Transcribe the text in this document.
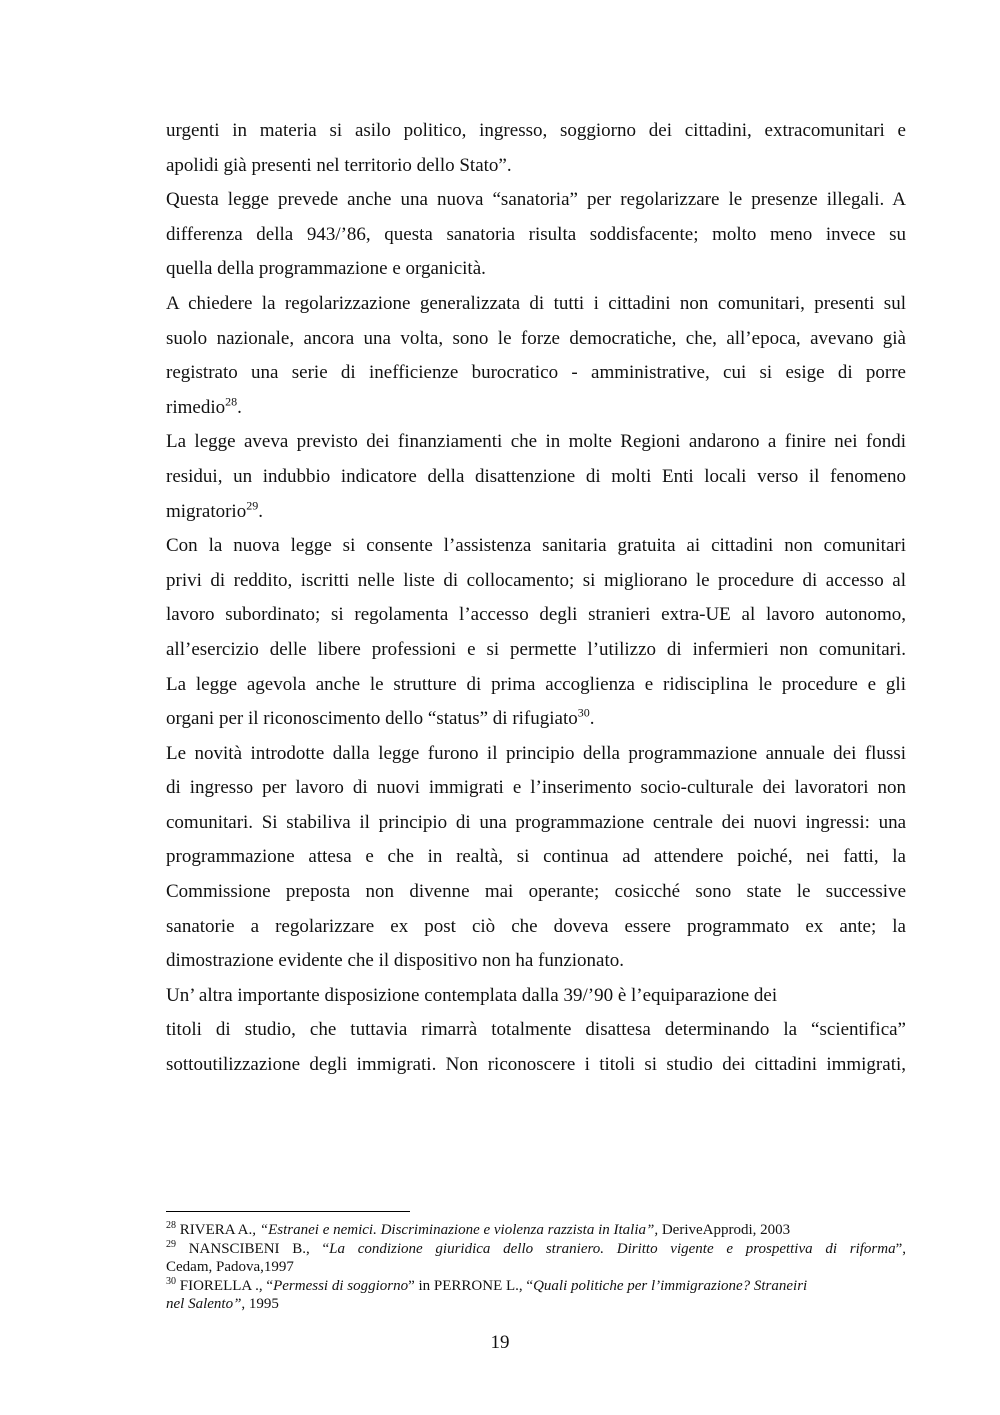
urgenti in materia si asilo politico, ingresso, soggiorno dei cittadini, extracomunitari e
apolidi già presenti nel territorio dello Stato”.
Questa legge prevede anche una nuova “sanatoria” per regolarizzare le presenze illegali. A
differenza della 943/’86, questa sanatoria risulta soddisfacente; molto meno invece su
quella della programmazione e organicità.
A chiedere la regolarizzazione generalizzata di tutti i cittadini non comunitari, presenti sul
suolo nazionale, ancora una volta, sono le forze democratiche, che, all’epoca, avevano già
registrato una serie di inefficienze burocratico - amministrative, cui si esige di porre
rimedio$^{28}$.
La legge aveva previsto dei finanziamenti che in molte Regioni andarono a finire nei fondi
residui, un indubbio indicatore della disattenzione di molti Enti locali verso il fenomeno
migratorio$^{29}$.
Con la nuova legge si consente l’assistenza sanitaria gratuita ai cittadini non comunitari
privi di reddito, iscritti nelle liste di collocamento; si migliorano le procedure di accesso al
lavoro subordinato; si regolamenta l’accesso degli stranieri extra-UE al lavoro autonomo,
all’esercizio delle libere professioni e si permette l’utilizzo di infermieri non comunitari.
La legge agevola anche le strutture di prima accoglienza e ridisciplina le procedure e gli
organi per il riconoscimento dello “status” di rifugiato$^{30}$.
Le novità introdotte dalla legge furono il principio della programmazione annuale dei flussi
di ingresso per lavoro di nuovi immigrati e l’inserimento socio-culturale dei lavoratori non
comunitari. Si stabiliva il principio di una programmazione centrale dei nuovi ingressi: una
programmazione attesa e che in realtà, si continua ad attendere poiché, nei fatti, la
Commissione preposta non divenne mai operante; cosicché sono state le successive
sanatorie a regolarizzare ex post ciò che doveva essere programmato ex ante; la
dimostrazione evidente che il dispositivo non ha funzionato.
Un’ altra importante disposizione contemplata dalla 39/’90 è l’equiparazione dei
titoli di studio, che tuttavia rimarrà totalmente disattesa determinando la “scientifica”
sottoutilizzazione degli immigrati. Non riconoscere i titoli si studio dei cittadini immigrati,
$^{28}$ RIVERA A., “Estranei e nemici. Discriminazione e violenza razzista in Italia”, DeriveApprodi, 2003
$^{29}$ NANSCIBENI B., “La condizione giuridica dello straniero. Diritto vigente e prospettiva di riforma”,
Cedam, Padova,1997
$^{30}$ FIORELLA ., “Permessi di soggiorno” in PERRONE L., “Quali politiche per l’immigrazione? Straneiri
nel Salento”, 1995
19
